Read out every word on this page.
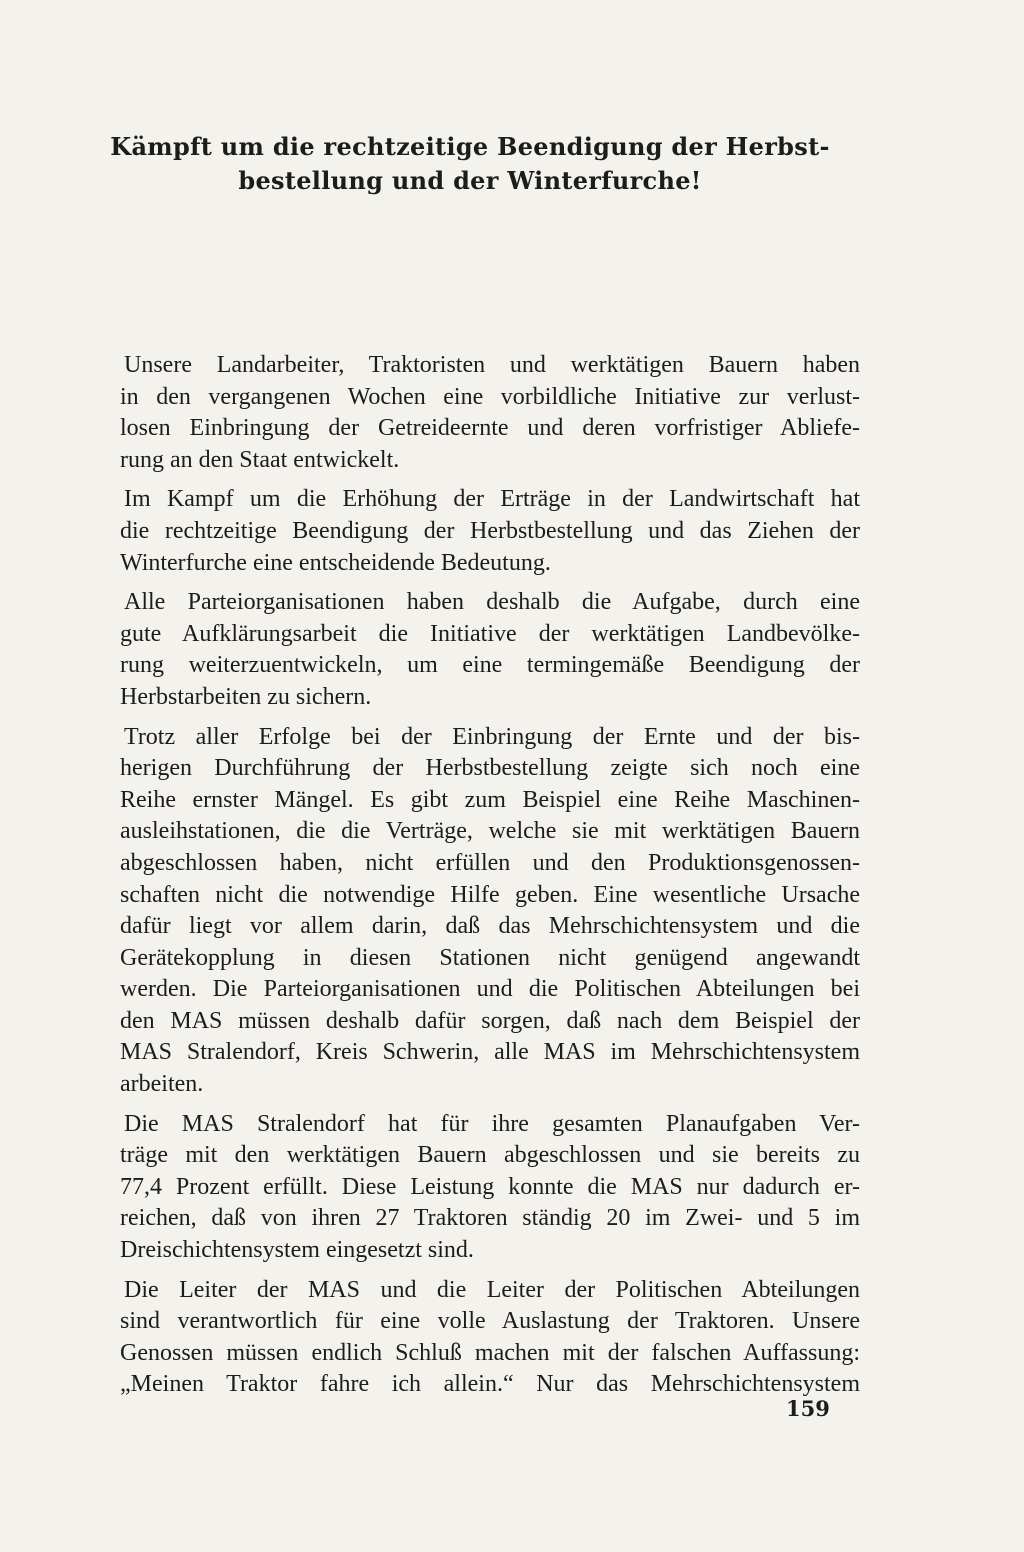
Kämpft um die rechtzeitige Beendigung der Herbst-
bestellung und der Winterfurche!

Unsere Landarbeiter, Traktoristen und werktätigen Bauern haben
in den vergangenen Wochen eine vorbildliche Initiative zur verlust-
losen Einbringung der Getreideernte und deren vorfristiger Abliefe-
rung an den Staat entwickelt.

Im Kampf um die Erhöhung der Erträge in der Landwirtschaft hat
die rechtzeitige Beendigung der Herbstbestellung und das Ziehen der
Winterfurche eine entscheidende Bedeutung.

Alle Parteiorganisationen haben deshalb die Aufgabe, durch eine
gute Aufklärungsarbeit die Initiative der werktätigen Landbevölke-
rung weiterzuentwickeln, um eine termingemäße Beendigung der
Herbstarbeiten zu sichern.

Trotz aller Erfolge bei der Einbringung der Ernte und der bis-
herigen Durchführung der Herbstbestellung zeigte sich noch eine
Reihe ernster Mängel. Es gibt zum Beispiel eine Reihe Maschinen-
ausleihstationen, die die Verträge, welche sie mit werktätigen Bauern
abgeschlossen haben, nicht erfüllen und den Produktionsgenossen-
schaften nicht die notwendige Hilfe geben. Eine wesentliche Ursache
dafür liegt vor allem darin, daß das Mehrschichtensystem und die
Gerätekopplung in diesen Stationen nicht genügend angewandt
werden. Die Parteiorganisationen und die Politischen Abteilungen bei
den MAS müssen deshalb dafür sorgen, daß nach dem Beispiel der
MAS Stralendorf, Kreis Schwerin, alle MAS im Mehrschichtensystem
arbeiten.

Die MAS Stralendorf hat für ihre gesamten Planaufgaben Ver-
träge mit den werktätigen Bauern abgeschlossen und sie bereits zu
77,4 Prozent erfüllt. Diese Leistung konnte die MAS nur dadurch er-
reichen, daß von ihren 27 Traktoren ständig 20 im Zwei- und 5 im
Dreischichtensystem eingesetzt sind.

Die Leiter der MAS und die Leiter der Politischen Abteilungen
sind verantwortlich für eine volle Auslastung der Traktoren. Unsere
Genossen müssen endlich Schluß machen mit der falschen Auffassung:
„Meinen Traktor fahre ich allein.“ Nur das Mehrschichtensystem

159
